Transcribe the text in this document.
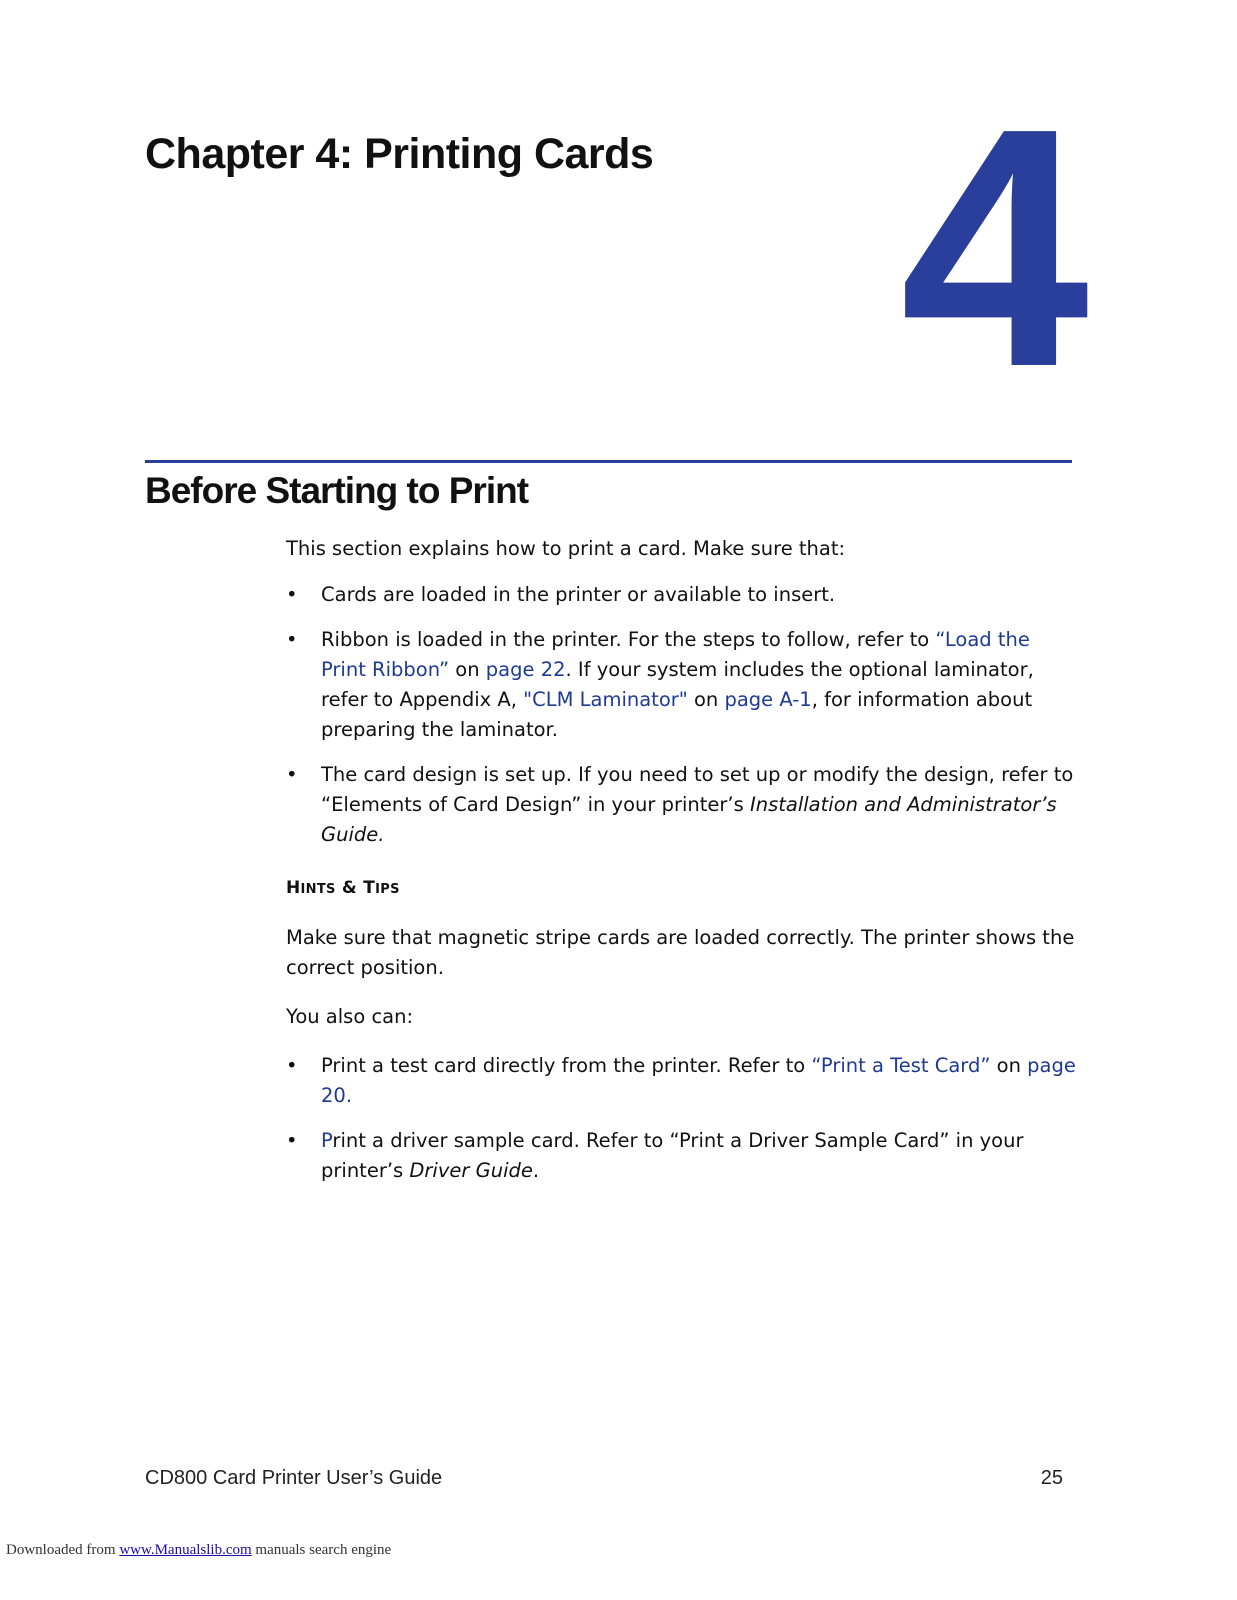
Chapter 4: Printing Cards 4
Before Starting to Print

This section explains how to print a card. Make sure that:

•	Cards are loaded in the printer or available to insert.
•	Ribbon is loaded in the printer. For the steps to follow, refer to “Load the Print Ribbon” on page 22. If your system includes the optional laminator, refer to Appendix A, "CLM Laminator" on page A-1, for information about preparing the laminator.
•	The card design is set up. If you need to set up or modify the design, refer to “Elements of Card Design” in your printer’s Installation and Administrator’s Guide.

HINTS & TIPS

Make sure that magnetic stripe cards are loaded correctly. The printer shows the correct position.

You also can:

•	Print a test card directly from the printer. Refer to “Print a Test Card” on page 20.
•	Print a driver sample card. Refer to “Print a Driver Sample Card” in your printer’s Driver Guide.

CD800 Card Printer User’s Guide	25

Downloaded from www.Manualslib.com manuals search engine
